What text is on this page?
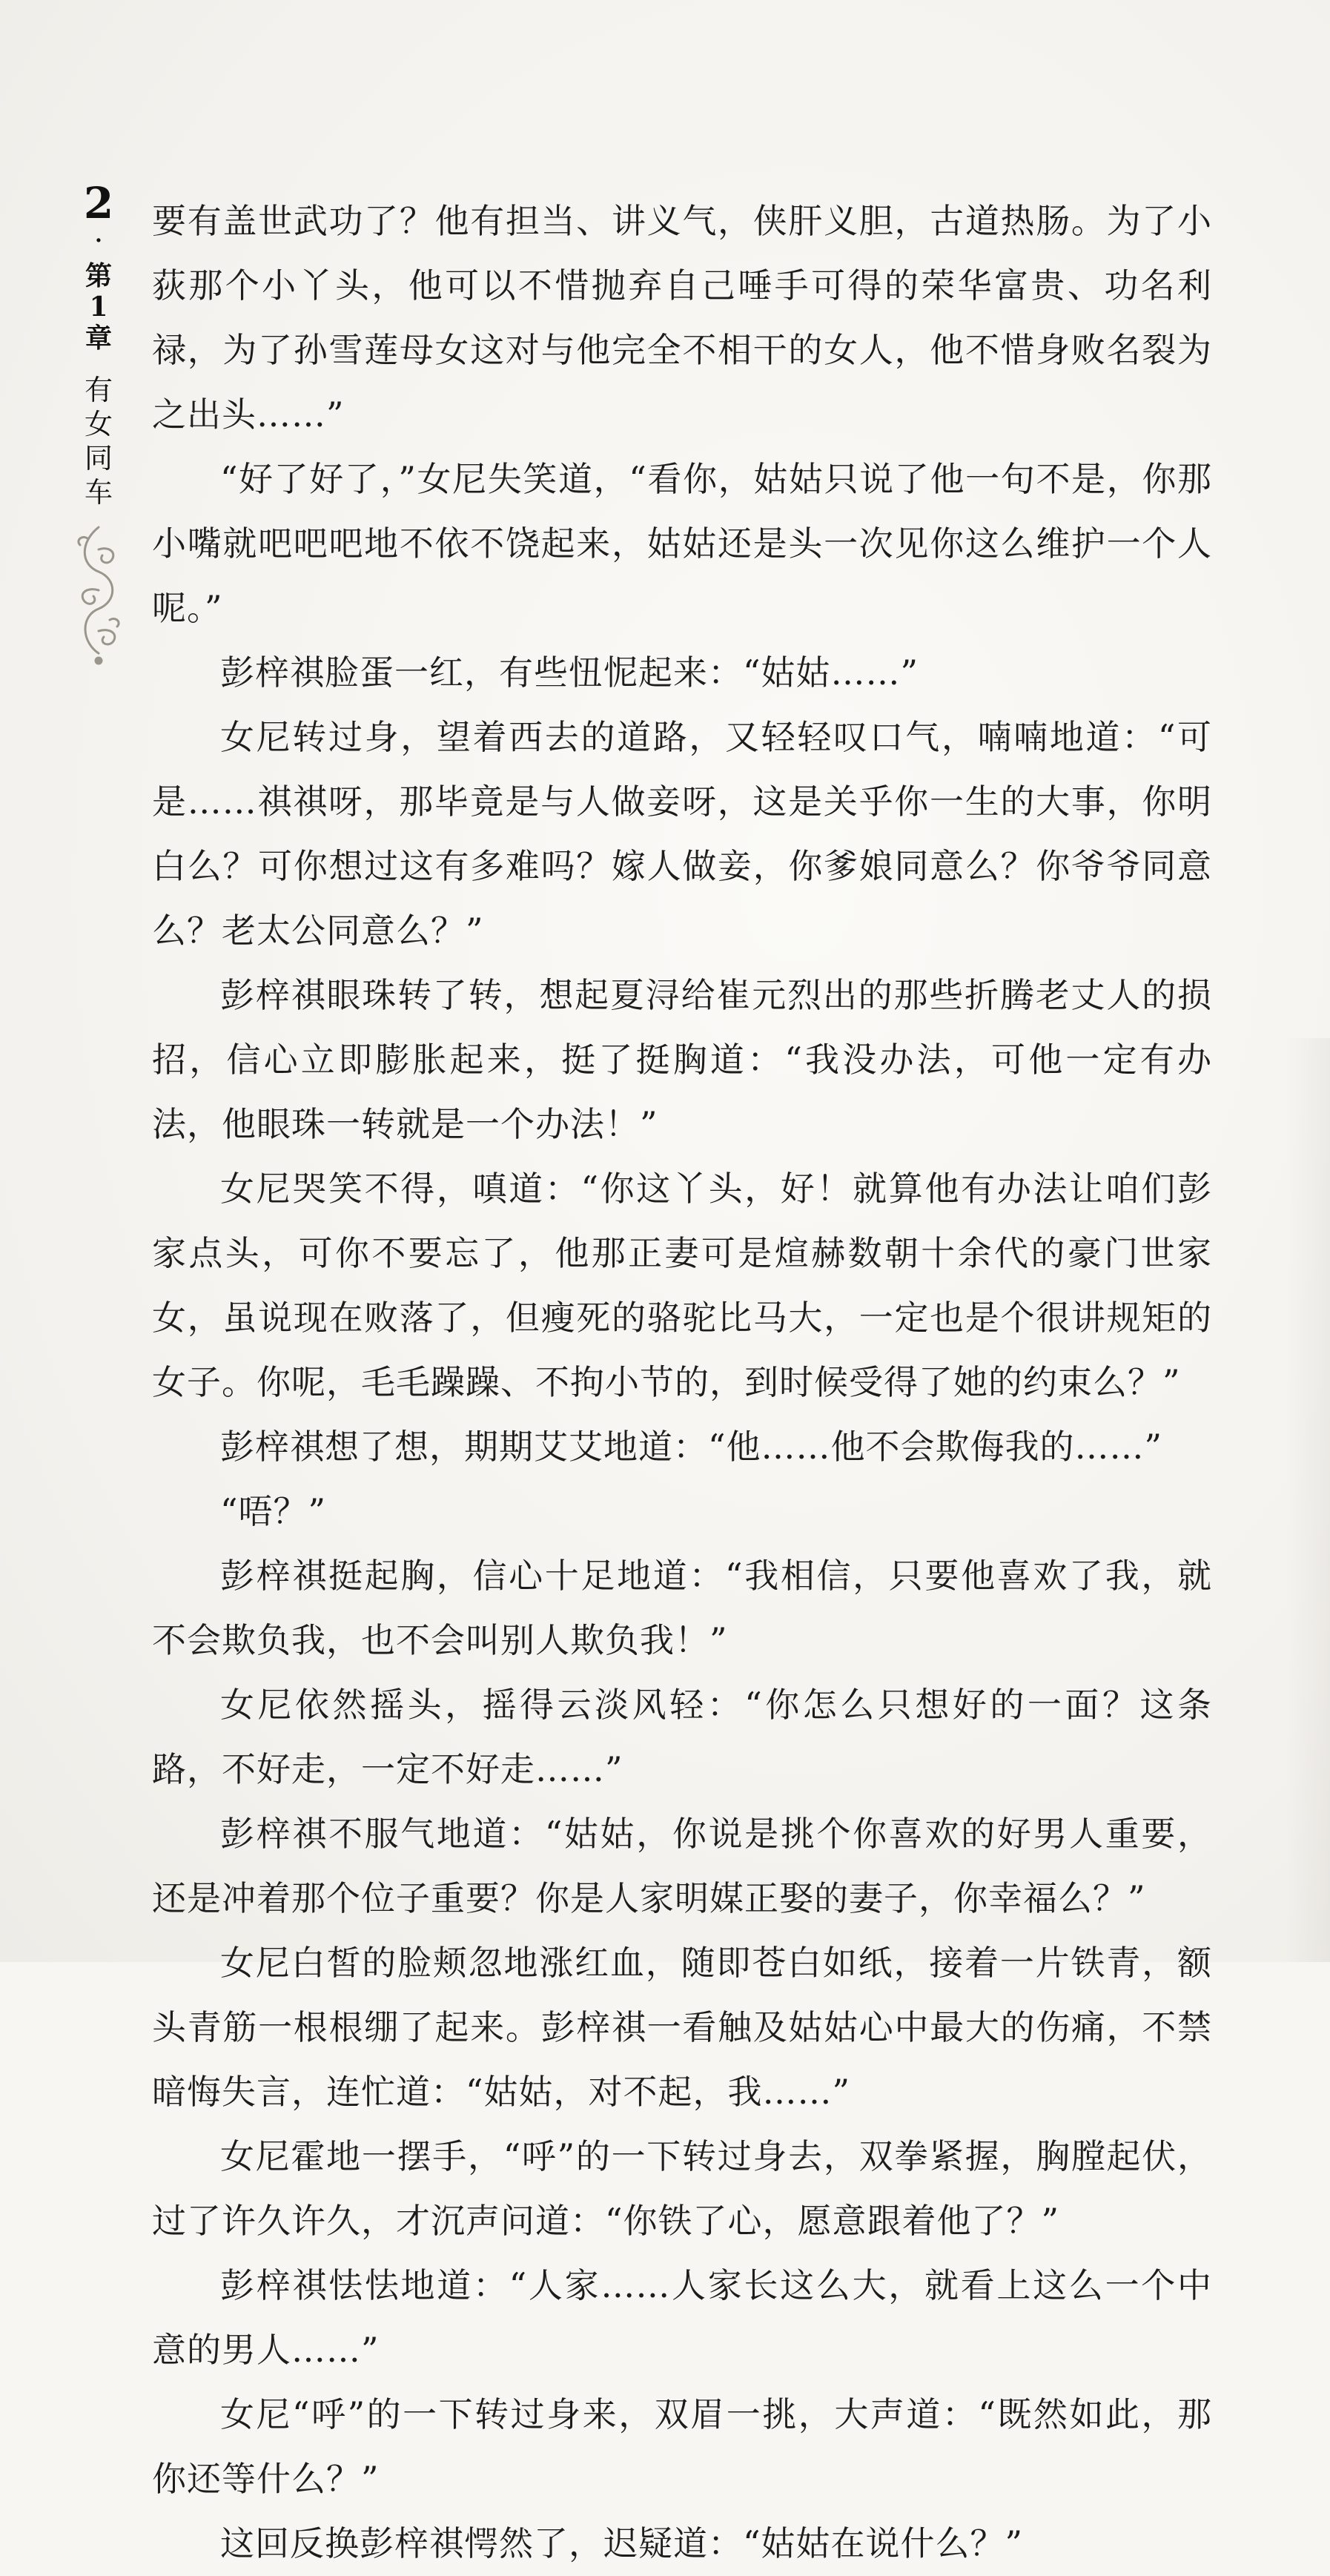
2
·
第1章
有女同车

要有盖世武功了？他有担当、讲义气，侠肝义胆，古道热肠。为了小荻那个小丫头，他可以不惜抛弃自己唾手可得的荣华富贵、功名利禄，为了孙雪莲母女这对与他完全不相干的女人，他不惜身败名裂为之出头……”

“好了好了，”女尼失笑道，“看你，姑姑只说了他一句不是，你那小嘴就吧吧吧地不依不饶起来，姑姑还是头一次见你这么维护一个人呢。”

彭梓祺脸蛋一红，有些忸怩起来：“姑姑……”

女尼转过身，望着西去的道路，又轻轻叹口气，喃喃地道：“可是……祺祺呀，那毕竟是与人做妾呀，这是关乎你一生的大事，你明白么？可你想过这有多难吗？嫁人做妾，你爹娘同意么？你爷爷同意么？老太公同意么？”

彭梓祺眼珠转了转，想起夏浔给崔元烈出的那些折腾老丈人的损招，信心立即膨胀起来，挺了挺胸道：“我没办法，可他一定有办法，他眼珠一转就是一个办法！”

女尼哭笑不得，嗔道：“你这丫头，好！就算他有办法让咱们彭家点头，可你不要忘了，他那正妻可是煊赫数朝十余代的豪门世家女，虽说现在败落了，但瘦死的骆驼比马大，一定也是个很讲规矩的女子。你呢，毛毛躁躁、不拘小节的，到时候受得了她的约束么？”

彭梓祺想了想，期期艾艾地道：“他……他不会欺侮我的……”

“唔？”

彭梓祺挺起胸，信心十足地道：“我相信，只要他喜欢了我，就不会欺负我，也不会叫别人欺负我！”

女尼依然摇头，摇得云淡风轻：“你怎么只想好的一面？这条路，不好走，一定不好走……”

彭梓祺不服气地道：“姑姑，你说是挑个你喜欢的好男人重要，还是冲着那个位子重要？你是人家明媒正娶的妻子，你幸福么？”

女尼白皙的脸颊忽地涨红血，随即苍白如纸，接着一片铁青，额头青筋一根根绷了起来。彭梓祺一看触及姑姑心中最大的伤痛，不禁暗悔失言，连忙道：“姑姑，对不起，我……”

女尼霍地一摆手，“呼”的一下转过身去，双拳紧握，胸膛起伏，过了许久许久，才沉声问道：“你铁了心，愿意跟着他了？”

彭梓祺怯怯地道：“人家……人家长这么大，就看上这么一个中意的男人……”

女尼“呼”的一下转过身来，双眉一挑，大声道：“既然如此，那你还等什么？”

这回反换彭梓祺愕然了，迟疑道：“姑姑在说什么？”
